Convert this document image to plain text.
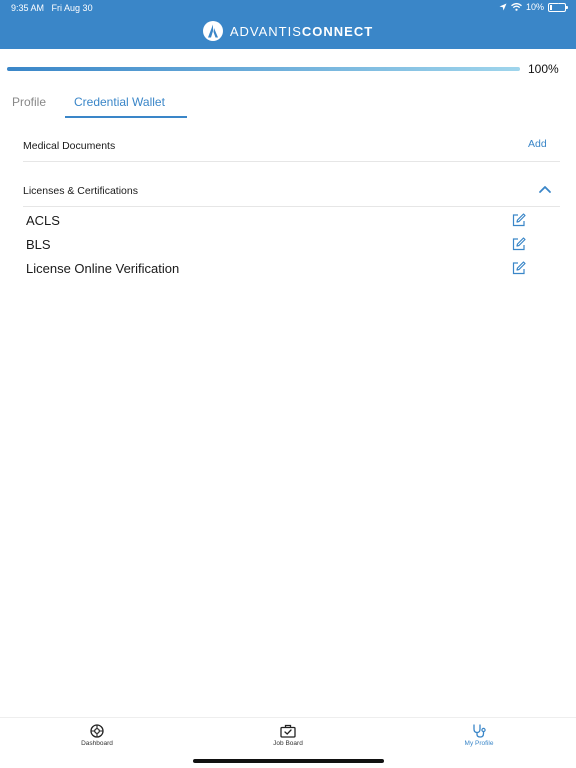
9:35 AM Fri Aug 30	10% ⚡
ADVANTISCONNECT
100%
Profile Credential Wallet
Medical Documents	Add
Licenses & Certifications
ACLS
BLS
License Online Verification
Dashboard	Job Board	My Profile
